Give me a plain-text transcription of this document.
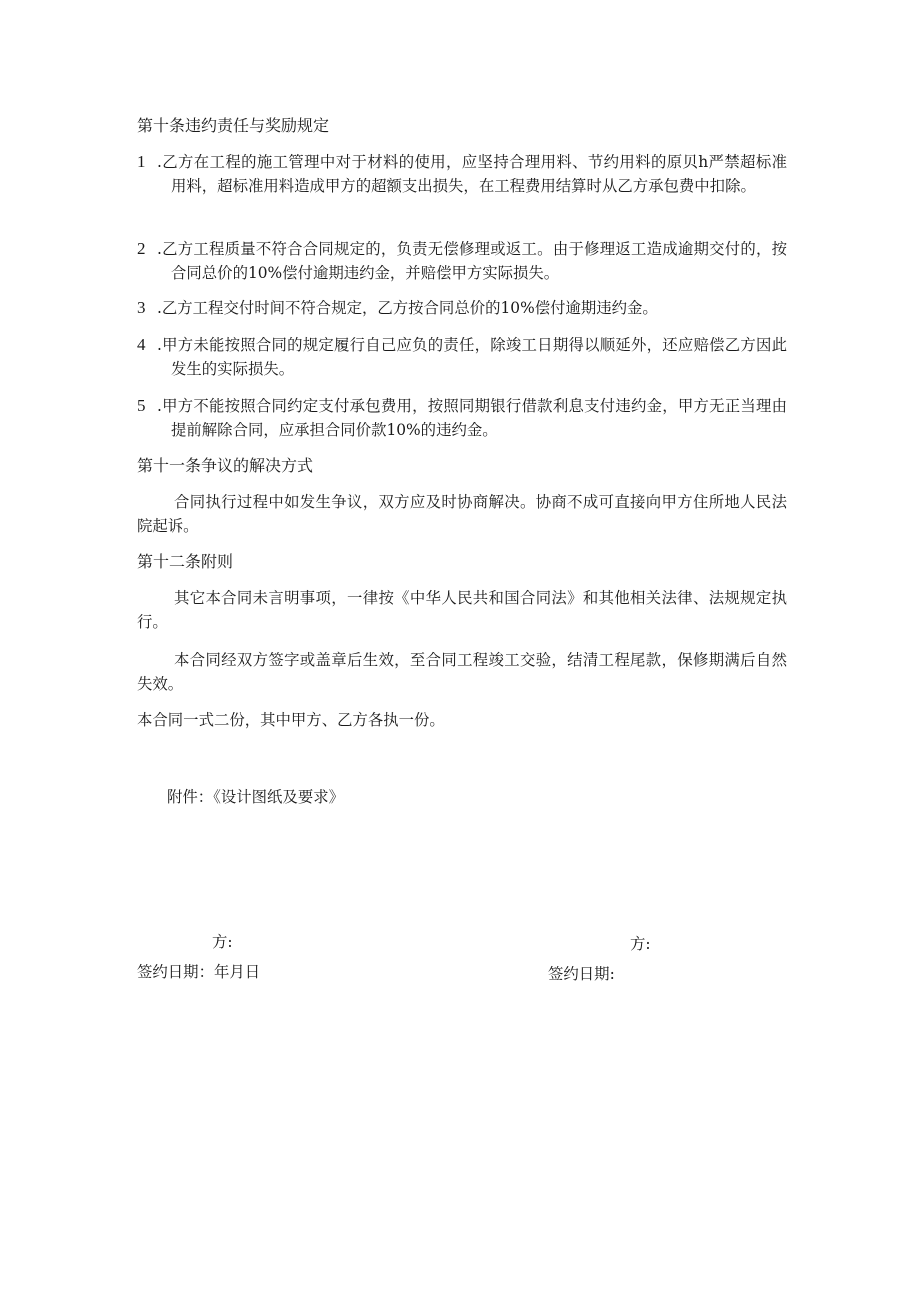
第十条违约责任与奖励规定
1 .乙方在工程的施工管理中对于材料的使用，应坚持合理用料、节约用料的原贝h严禁超标准用料，超标准用料造成甲方的超额支出损失，在工程费用结算时从乙方承包费中扣除。
2 .乙方工程质量不符合合同规定的，负责无偿修理或返工。由于修理返工造成逾期交付的，按合同总价的10%偿付逾期违约金，并赔偿甲方实际损失。
3 .乙方工程交付时间不符合规定，乙方按合同总价的10%偿付逾期违约金。
4 .甲方未能按照合同的规定履行自己应负的责任，除竣工日期得以顺延外，还应赔偿乙方因此发生的实际损失。
5 .甲方不能按照合同约定支付承包费用，按照同期银行借款利息支付违约金，甲方无正当理由提前解除合同，应承担合同价款10%的违约金。
第十一条争议的解决方式
合同执行过程中如发生争议，双方应及时协商解决。协商不成可直接向甲方住所地人民法院起诉。
第十二条附则
其它本合同未言明事项，一律按《中华人民共和国合同法》和其他相关法律、法规规定执行。
本合同经双方签字或盖章后生效，至合同工程竣工交验，结清工程尾款，保修期满后自然失效。
本合同一式二份，其中甲方、乙方各执一份。
附件：《设计图纸及要求》
方:
签约日期：年月日
方:
签约日期:
